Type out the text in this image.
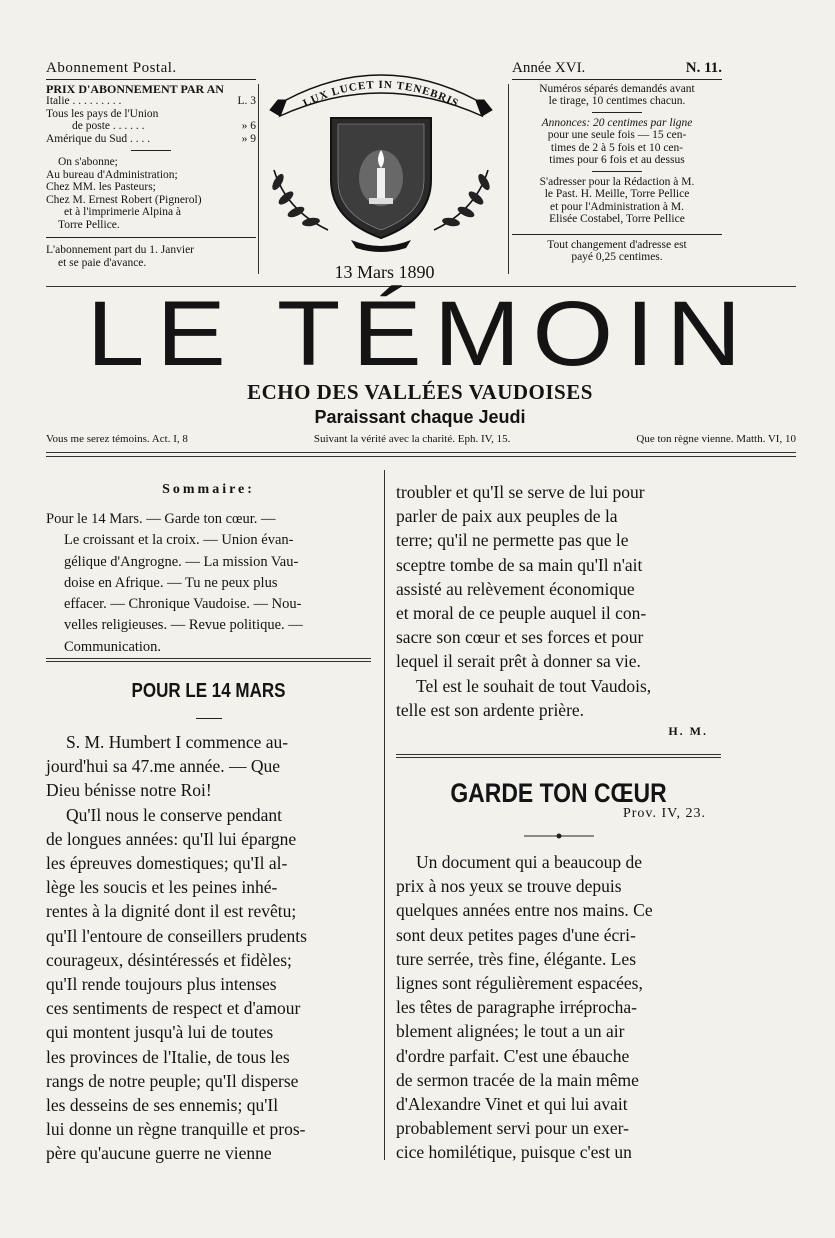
Abonnement Postal.
PRIX D'ABONNEMENT PAR AN
Italie . . . . . . . . .	L. 3
Tous les pays de l'Union
de poste . . . . . .	» 6
Amérique du Sud . . . .	» 9
On s'abonne;
Au bureau d'Administration;
Chez MM. les Pasteurs;
Chez M. Ernest Robert (Pignerol)
et à l'imprimerie Alpina à
Torre Pellice.
L'abonnement part du 1. Janvier
et se paie d'avance.
Année XVI.	N. 11.
Numéros séparés demandés avant
le tirage, 10 centimes chacun.
Annonces: 20 centimes par ligne
pour une seule fois — 15 cen-
times de 2 à 5 fois et 10 cen-
times pour 6 fois et au dessus
S'adresser pour la Rédaction à M.
le Past. H. Meille, Torre Pellice
et pour l'Administration à M.
Elisée Costabel, Torre Pellice
Tout changement d'adresse est
payé 0,25 centimes.
LUX LUCET IN TENEBRIS
13 Mars 1890
LE TÉMOIN
ECHO DES VALLÉES VAUDOISES
Paraissant chaque Jeudi
Vous me serez témoins. Act. I, 8	Suivant la vérité avec la charité. Eph. IV, 15.	Que ton règne vienne. Matth. VI, 10
Sommaire:
Pour le 14 Mars. — Garde ton cœur. —
Le croissant et la croix. — Union évan-
gélique d'Angrogne. — La mission Vau-
doise en Afrique. — Tu ne peux plus
effacer. — Chronique Vaudoise. — Nou-
velles religieuses. — Revue politique. —
Communication.
POUR LE 14 MARS

S. M. Humbert I commence au-

jourd'hui sa 47.me année. — Que

Dieu bénisse notre Roi!

Qu'Il nous le conserve pendant

de longues années: qu'Il lui épargne

les épreuves domestiques; qu'Il al-

lège les soucis et les peines inhé-

rentes à la dignité dont il est revêtu;

qu'Il l'entoure de conseillers prudents

courageux, désintéressés et fidèles;

qu'Il rende toujours plus intenses

ces sentiments de respect et d'amour

qui montent jusqu'à lui de toutes

les provinces de l'Italie, de tous les

rangs de notre peuple; qu'Il disperse

les desseins de ses ennemis; qu'Il

lui donne un règne tranquille et pros-

père qu'aucune guerre ne vienne

troubler et qu'Il se serve de lui pour

parler de paix aux peuples de la

terre; qu'il ne permette pas que le

sceptre tombe de sa main qu'Il n'ait

assisté au relèvement économique

et moral de ce peuple auquel il con-

sacre son cœur et ses forces et pour

lequel il serait prêt à donner sa vie.

Tel est le souhait de tout Vaudois,

telle est son ardente prière.

H. M.
GARDE TON CŒUR
Prov. IV, 23.

Un document qui a beaucoup de

prix à nos yeux se trouve depuis

quelques années entre nos mains. Ce

sont deux petites pages d'une écri-

ture serrée, très fine, élégante. Les

lignes sont régulièrement espacées,

les têtes de paragraphe irréprocha-

blement alignées; le tout a un air

d'ordre parfait. C'est une ébauche

de sermon tracée de la main même

d'Alexandre Vinet et qui lui avait

probablement servi pour un exer-

cice homilétique, puisque c'est un
